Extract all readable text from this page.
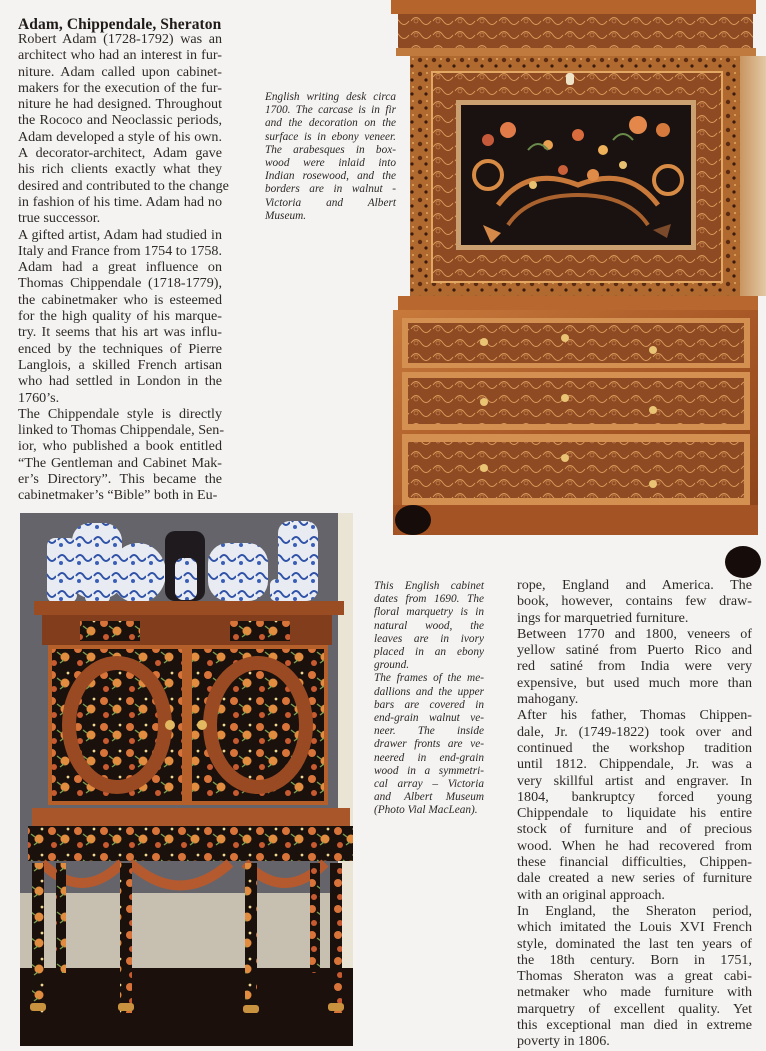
Adam, Chippendale, Sheraton
Robert Adam (1728-1792) was an
architect who had an interest in fur-
niture. Adam called upon cabinet-
makers for the execution of the fur-
niture he had designed. Throughout
the Rococo and Neoclassic periods,
Adam developed a style of his own.
A decorator-architect, Adam gave
his rich clients exactly what they
desired and contributed to the change
in fashion of his time. Adam had no
true successor.
A gifted artist, Adam had studied in
Italy and France from 1754 to 1758.
Adam had a great influence on
Thomas Chippendale (1718-1779),
the cabinetmaker who is esteemed
for the high quality of his marque-
try. It seems that his art was influ-
enced by the techniques of Pierre
Langlois, a skilled French artisan
who had settled in London in the
1760’s.
The Chippendale style is directly
linked to Thomas Chippendale, Sen-
ior, who published a book entitled
“The Gentleman and Cabinet Mak-
er’s Directory”. This became the
cabinetmaker’s “Bible” both in Eu-
English writing desk circa
1700. The carcase is in fir
and the decoration on the
surface is in ebony veneer.
The arabesques in box-
wood were inlaid into
Indian rosewood, and the
borders are in walnut -
Victoria and Albert
Museum.
This English cabinet
dates from 1690. The
floral marquetry is in
natural wood, the
leaves are in ivory
placed in an ebony
ground.
The frames of the me-
dallions and the upper
bars are covered in
end-grain walnut ve-
neer. The inside
drawer fronts are ve-
neered in end-grain
wood in a symmetri-
cal array – Victoria
and Albert Museum
(Photo Vial MacLean).
rope, England and America. The
book, however, contains few draw-
ings for marquetried furniture.
Between 1770 and 1800, veneers of
yellow satiné from Puerto Rico and
red satiné from India were very
expensive, but used much more than
mahogany.
After his father, Thomas Chippen-
dale, Jr. (1749-1822) took over and
continued the workshop tradition
until 1812. Chippendale, Jr. was a
very skillful artist and engraver. In
1804, bankruptcy forced young
Chippendale to liquidate his entire
stock of furniture and of precious
wood. When he had recovered from
these financial difficulties, Chippen-
dale created a new series of furniture
with an original approach.
In England, the Sheraton period,
which imitated the Louis XVI French
style, dominated the last ten years of
the 18th century. Born in 1751,
Thomas Sheraton was a great cabi-
netmaker who made furniture with
marquetry of excellent quality. Yet
this exceptional man died in extreme
poverty in 1806.
